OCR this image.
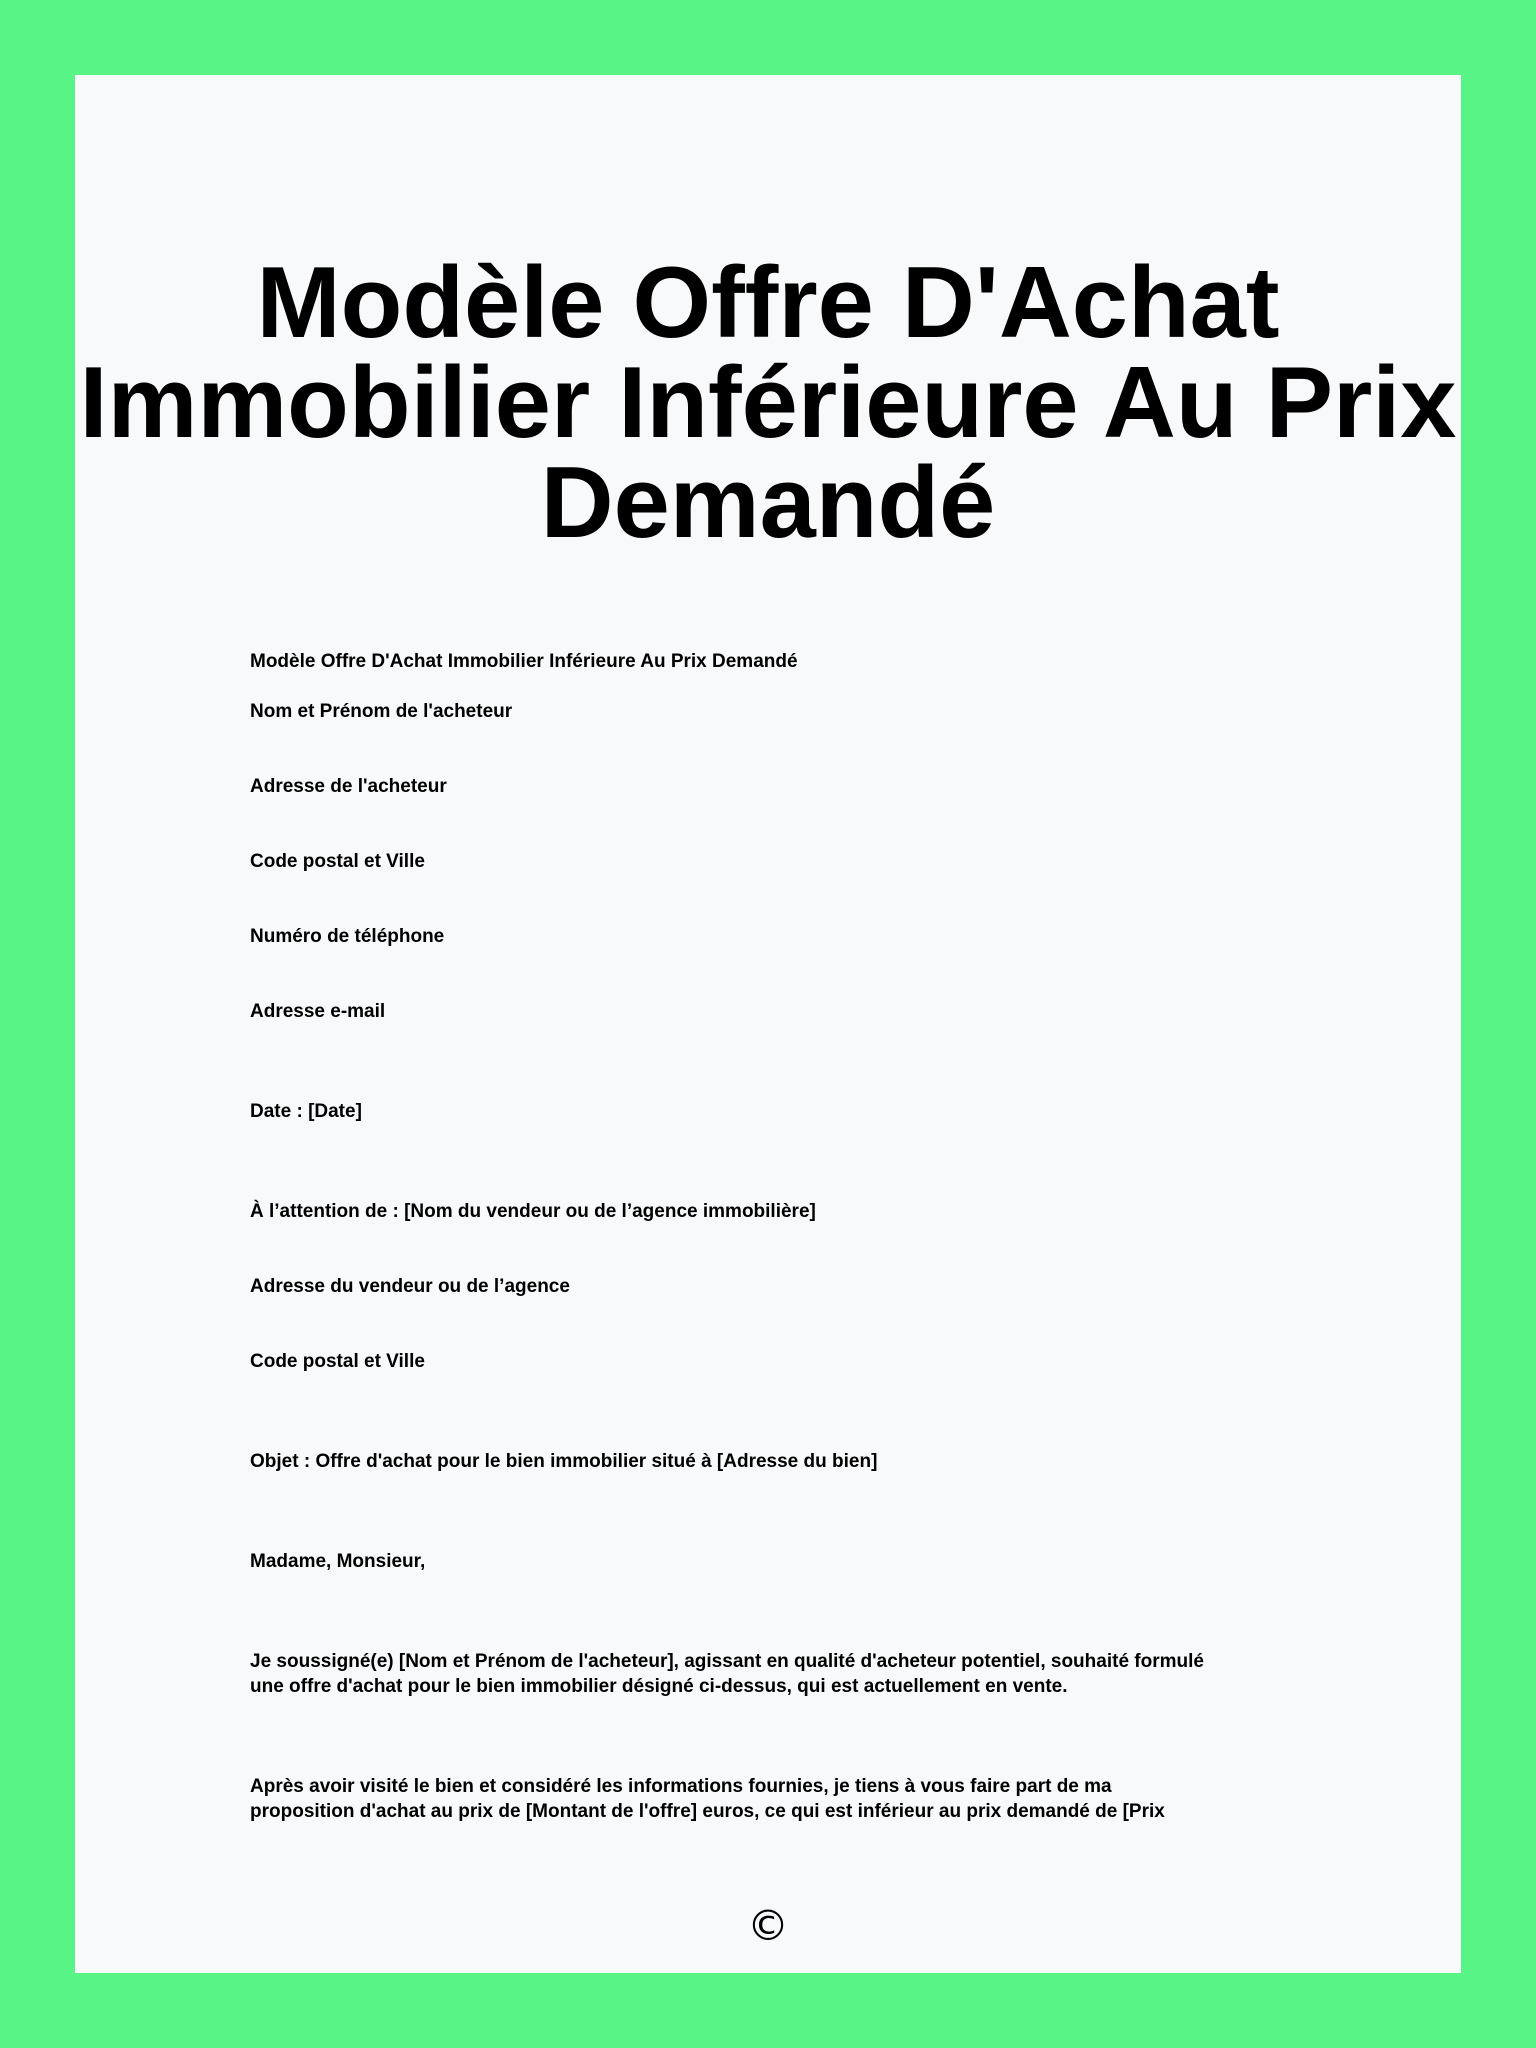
Modèle Offre D'Achat
Immobilier Inférieure Au Prix
Demandé

Modèle Offre D'Achat Immobilier Inférieure Au Prix Demandé

Nom et Prénom de l'acheteur

Adresse de l'acheteur

Code postal et Ville

Numéro de téléphone

Adresse e-mail

Date : [Date]

À l’attention de : [Nom du vendeur ou de l’agence immobilière]

Adresse du vendeur ou de l’agence

Code postal et Ville

Objet : Offre d'achat pour le bien immobilier situé à [Adresse du bien]

Madame, Monsieur,

Je soussigné(e) [Nom et Prénom de l'acheteur], agissant en qualité d'acheteur potentiel, souhaité formulé
une offre d'achat pour le bien immobilier désigné ci-dessus, qui est actuellement en vente.

Après avoir visité le bien et considéré les informations fournies, je tiens à vous faire part de ma
proposition d'achat au prix de [Montant de l'offre] euros, ce qui est inférieur au prix demandé de [Prix

©
